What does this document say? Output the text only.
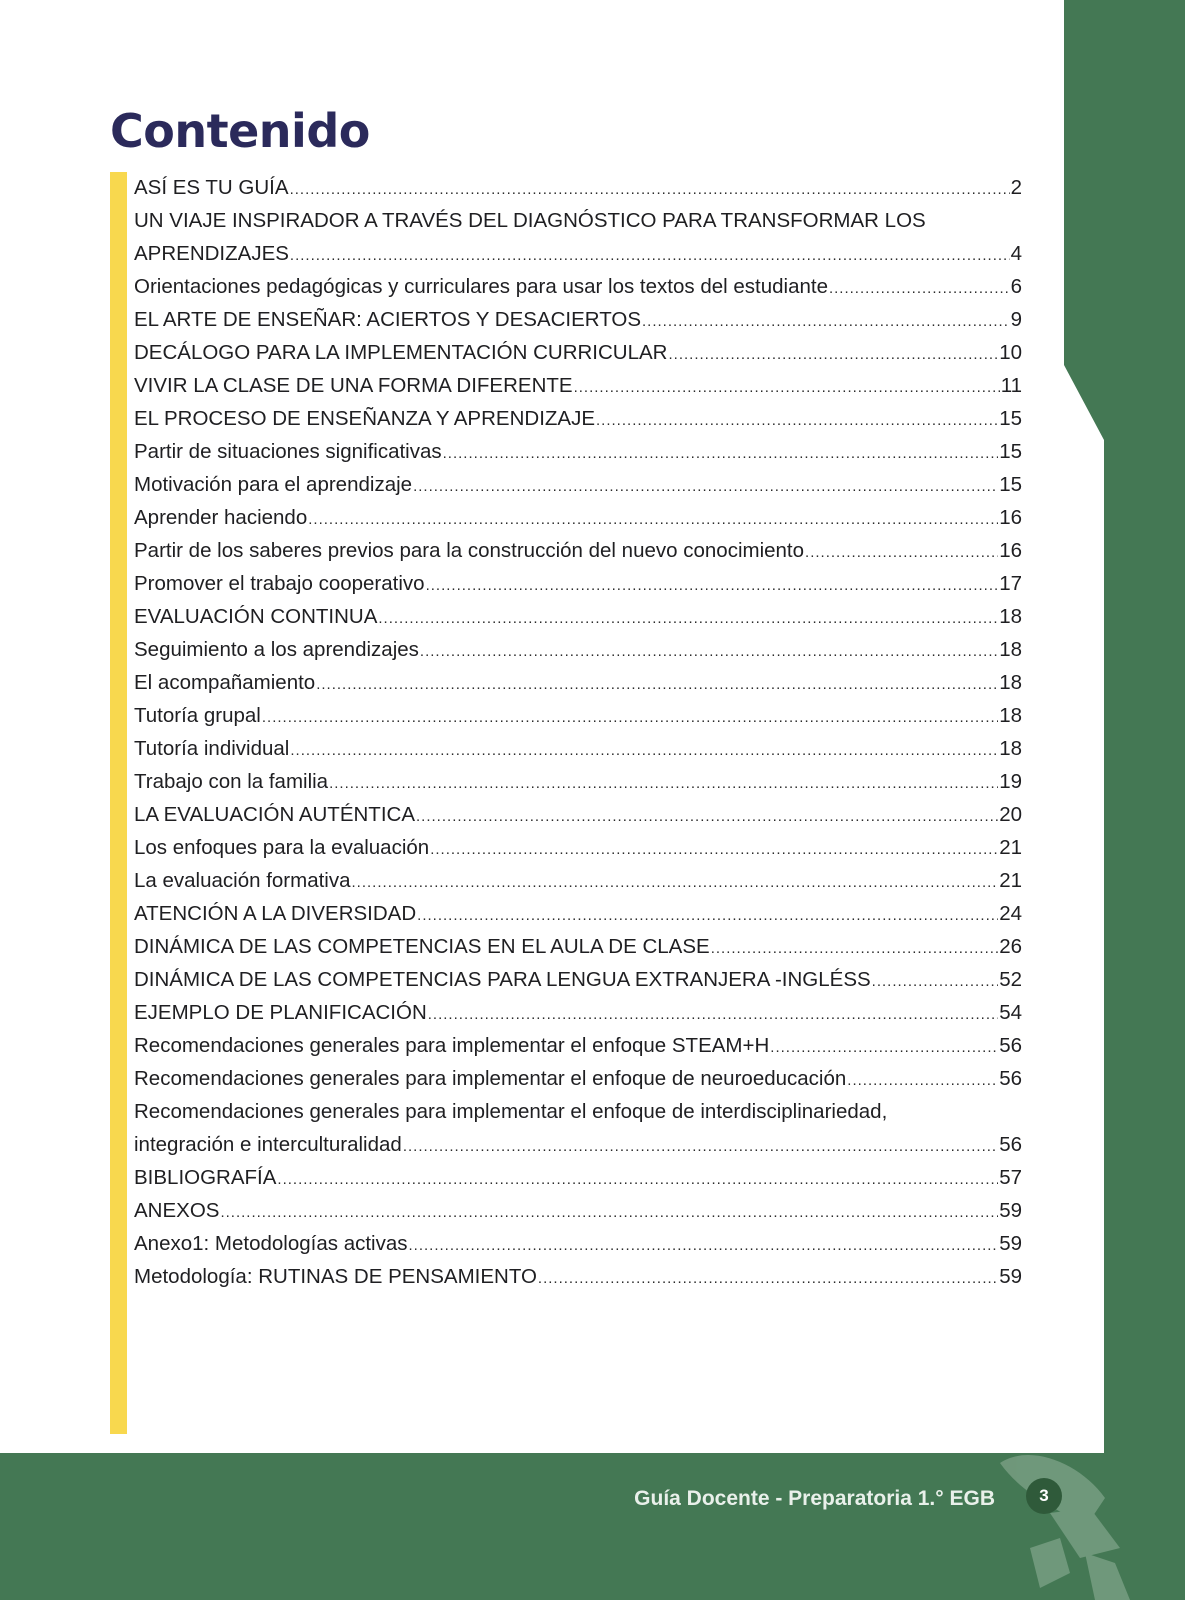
Contenido
ASÍ ES TU GUÍA .....	2
UN VIAJE INSPIRADOR A TRAVÉS DEL DIAGNÓSTICO PARA TRANSFORMAR LOS
APRENDIZAJES .....	4
Orientaciones pedagógicas y curriculares para usar los textos del estudiante .....	6
EL ARTE DE ENSEÑAR: ACIERTOS Y DESACIERTOS .....	9
DECÁLOGO PARA LA IMPLEMENTACIÓN CURRICULAR .....	10
VIVIR LA CLASE DE UNA FORMA DIFERENTE .....	11
EL PROCESO DE ENSEÑANZA Y APRENDIZAJE .....	15
Partir de situaciones significativas .....	15
Motivación para el aprendizaje .....	15
Aprender haciendo .....	16
Partir de los saberes previos para la construcción del nuevo conocimiento .....	16
Promover el trabajo cooperativo .....	17
EVALUACIÓN CONTINUA .....	18
Seguimiento a los aprendizajes .....	18
El acompañamiento .....	18
Tutoría grupal .....	18
Tutoría individual .....	18
Trabajo con la familia .....	19
LA EVALUACIÓN AUTÉNTICA .....	20
Los enfoques para la evaluación .....	21
La evaluación formativa .....	21
ATENCIÓN A LA DIVERSIDAD .....	24
DINÁMICA DE LAS COMPETENCIAS EN EL AULA DE CLASE .....	26
DINÁMICA DE LAS COMPETENCIAS PARA LENGUA EXTRANJERA -INGLÉSS .....	52
EJEMPLO DE PLANIFICACIÓN .....	54
Recomendaciones generales para implementar el enfoque STEAM+H .....	56
Recomendaciones generales para implementar el enfoque de neuroeducación .....	56
Recomendaciones generales para implementar el enfoque de interdisciplinariedad,
integración e interculturalidad .....	56
BIBLIOGRAFÍA .....	57
ANEXOS .....	59
Anexo1: Metodologías activas .....	59
Metodología: RUTINAS DE PENSAMIENTO .....	59
Guía Docente - Preparatoria 1.° EGB	3
